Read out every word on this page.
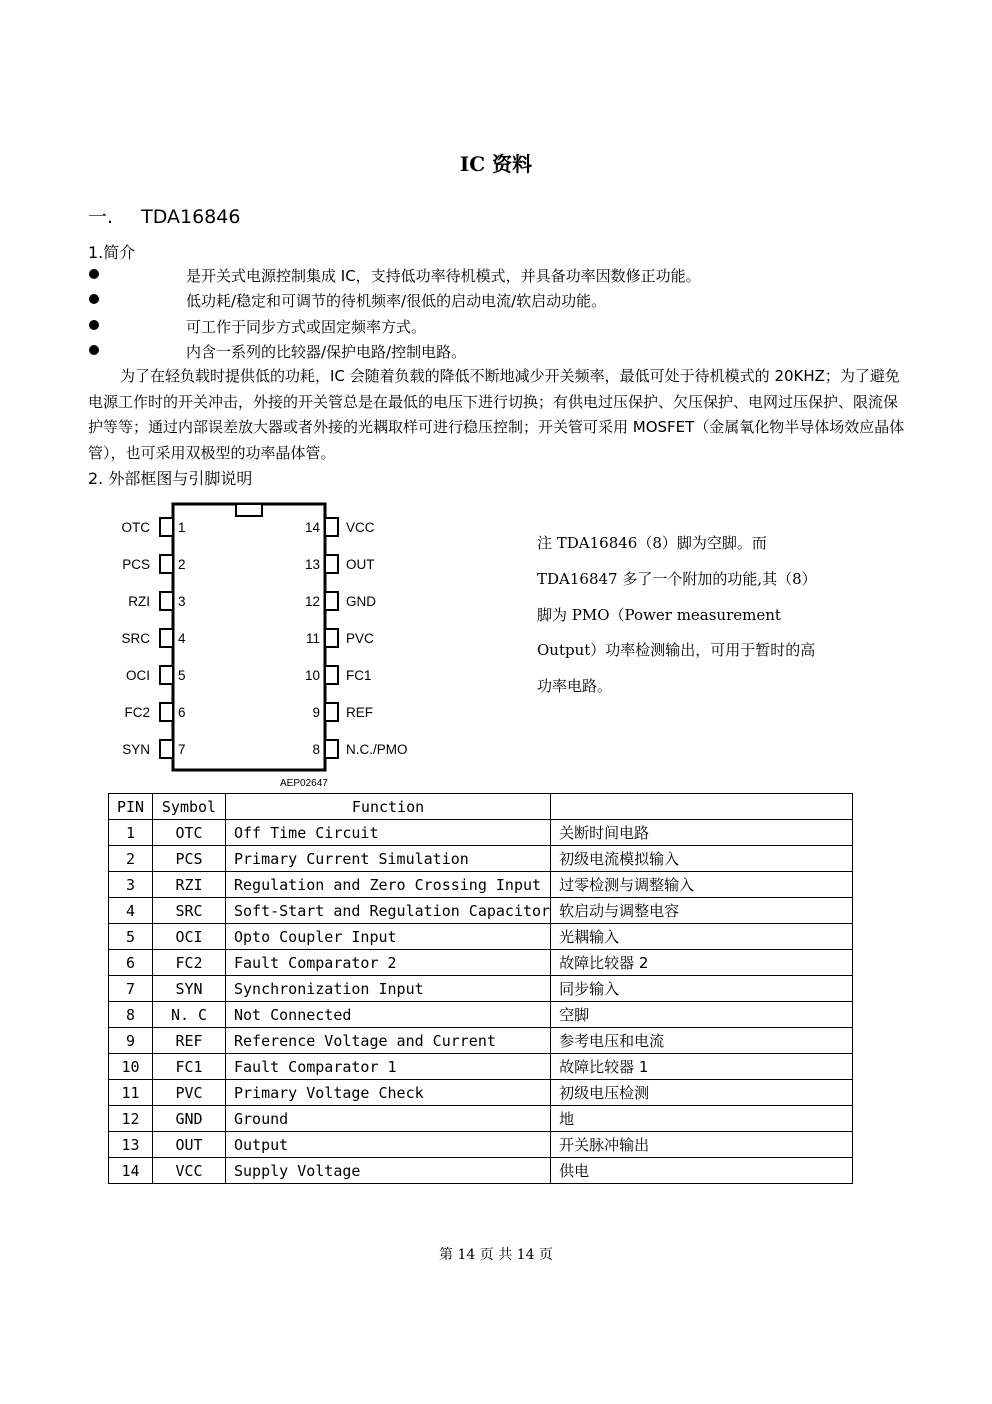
IC 资料
一. TDA16846
1.简介
是开关式电源控制集成 IC，支持低功率待机模式，并具备功率因数修正功能。
低功耗/稳定和可调节的待机频率/很低的启动电流/软启动功能。
可工作于同步方式或固定频率方式。
内含一系列的比较器/保护电路/控制电路。
为了在轻负载时提供低的功耗，IC 会随着负载的降低不断地减少开关频率，最低可处于待机模式的 20KHZ；为了避免电源工作时的开关冲击，外接的开关管总是在最低的电压下进行切换；有供电过压保护、欠压保护、电网过压保护、限流保护等等；通过内部误差放大器或者外接的光耦取样可进行稳压控制；开关管可采用 MOSFET（金属氧化物半导体场效应晶体管），也可采用双极型的功率晶体管。
2. 外部框图与引脚说明
OTC 1
PCS 2
RZI 3
SRC 4
OCI 5
FC2 6
SYN 7
VCC
14
OUT
13
GND
12
PVC
11
FC1
10
REF
9
N.C./PMO
8
AEP02647
注 TDA16846（8）脚为空脚。而 TDA16847 多了一个附加的功能,其（8）脚为 PMO（Power measurement Output）功率检测输出，可用于暂时的高功率电路。
PIN	Symbol	Function	
1	OTC	Off Time Circuit	关断时间电路
2	PCS	Primary Current Simulation	初级电流模拟输入
3	RZI	Regulation and Zero Crossing Input	过零检测与调整输入
4	SRC	Soft-Start and Regulation Capacitor	软启动与调整电容
5	OCI	Opto Coupler Input	光耦输入
6	FC2	Fault Comparator 2	故障比较器 2
7	SYN	Synchronization Input	同步输入
8	N. C	Not Connected	空脚
9	REF	Reference Voltage and Current	参考电压和电流
10	FC1	Fault Comparator 1	故障比较器 1
11	PVC	Primary Voltage Check	初级电压检测
12	GND	Ground	地
13	OUT	Output	开关脉冲输出
14	VCC	Supply Voltage	供电
第 14 页 共 14 页
